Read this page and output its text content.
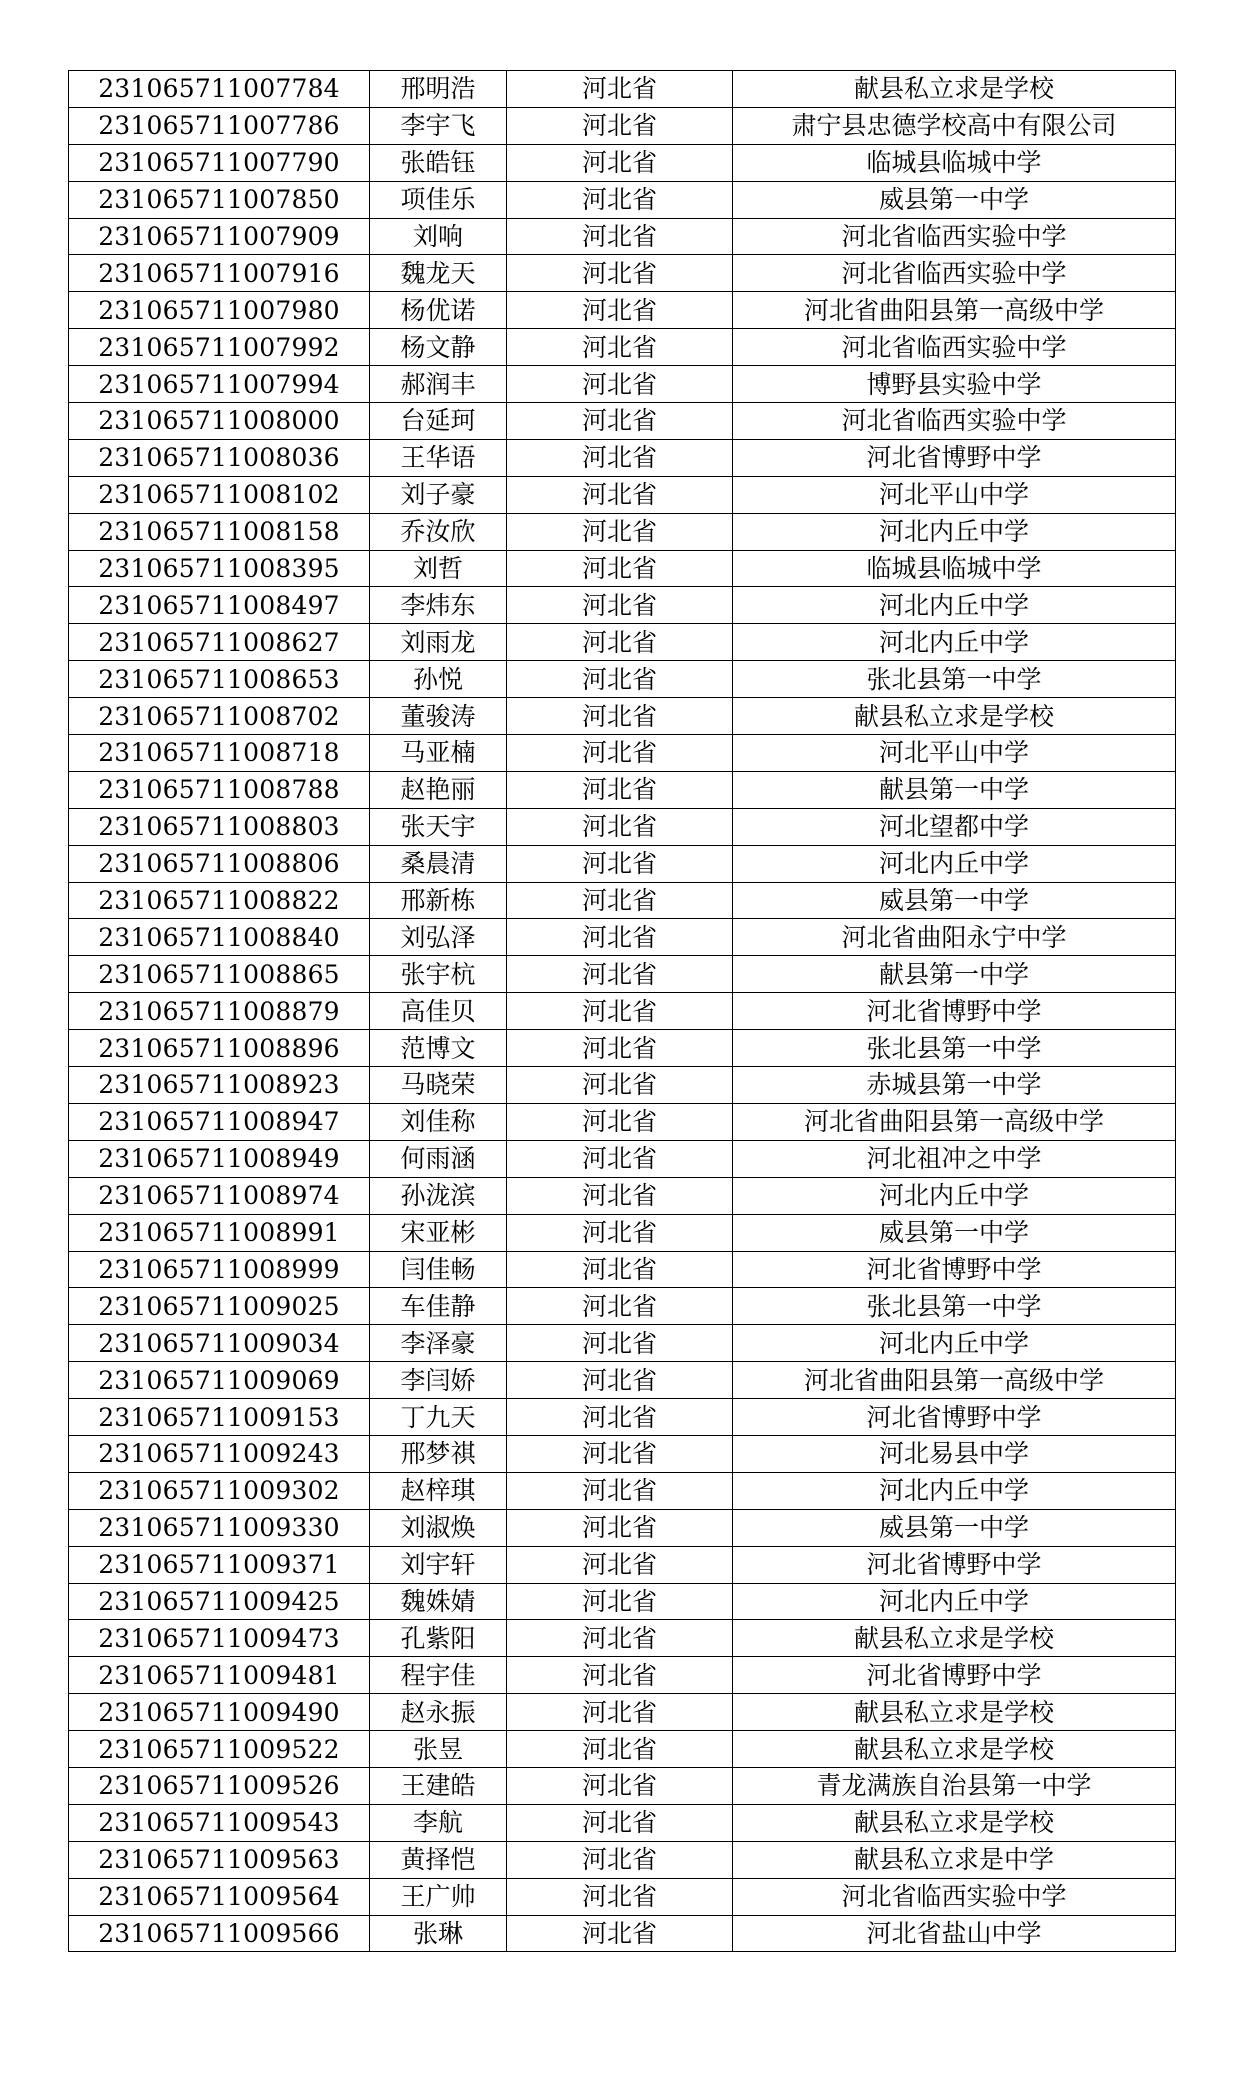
231065711007784	邢明浩	河北省	献县私立求是学校
231065711007786	李宇飞	河北省	肃宁县忠德学校高中有限公司
231065711007790	张皓钰	河北省	临城县临城中学
231065711007850	项佳乐	河北省	威县第一中学
231065711007909	刘响	河北省	河北省临西实验中学
231065711007916	魏龙天	河北省	河北省临西实验中学
231065711007980	杨优诺	河北省	河北省曲阳县第一高级中学
231065711007992	杨文静	河北省	河北省临西实验中学
231065711007994	郝润丰	河北省	博野县实验中学
231065711008000	台延珂	河北省	河北省临西实验中学
231065711008036	王华语	河北省	河北省博野中学
231065711008102	刘子豪	河北省	河北平山中学
231065711008158	乔汝欣	河北省	河北内丘中学
231065711008395	刘哲	河北省	临城县临城中学
231065711008497	李炜东	河北省	河北内丘中学
231065711008627	刘雨龙	河北省	河北内丘中学
231065711008653	孙悦	河北省	张北县第一中学
231065711008702	董骏涛	河北省	献县私立求是学校
231065711008718	马亚楠	河北省	河北平山中学
231065711008788	赵艳丽	河北省	献县第一中学
231065711008803	张天宇	河北省	河北望都中学
231065711008806	桑晨清	河北省	河北内丘中学
231065711008822	邢新栋	河北省	威县第一中学
231065711008840	刘弘泽	河北省	河北省曲阳永宁中学
231065711008865	张宇杭	河北省	献县第一中学
231065711008879	高佳贝	河北省	河北省博野中学
231065711008896	范博文	河北省	张北县第一中学
231065711008923	马晓荣	河北省	赤城县第一中学
231065711008947	刘佳称	河北省	河北省曲阳县第一高级中学
231065711008949	何雨涵	河北省	河北祖冲之中学
231065711008974	孙泷滨	河北省	河北内丘中学
231065711008991	宋亚彬	河北省	威县第一中学
231065711008999	闫佳畅	河北省	河北省博野中学
231065711009025	车佳静	河北省	张北县第一中学
231065711009034	李泽豪	河北省	河北内丘中学
231065711009069	李闫娇	河北省	河北省曲阳县第一高级中学
231065711009153	丁九天	河北省	河北省博野中学
231065711009243	邢梦祺	河北省	河北易县中学
231065711009302	赵梓琪	河北省	河北内丘中学
231065711009330	刘淑焕	河北省	威县第一中学
231065711009371	刘宇轩	河北省	河北省博野中学
231065711009425	魏姝婧	河北省	河北内丘中学
231065711009473	孔紫阳	河北省	献县私立求是学校
231065711009481	程宇佳	河北省	河北省博野中学
231065711009490	赵永振	河北省	献县私立求是学校
231065711009522	张昱	河北省	献县私立求是学校
231065711009526	王建皓	河北省	青龙满族自治县第一中学
231065711009543	李航	河北省	献县私立求是学校
231065711009563	黄择恺	河北省	献县私立求是中学
231065711009564	王广帅	河北省	河北省临西实验中学
231065711009566	张琳	河北省	河北省盐山中学
